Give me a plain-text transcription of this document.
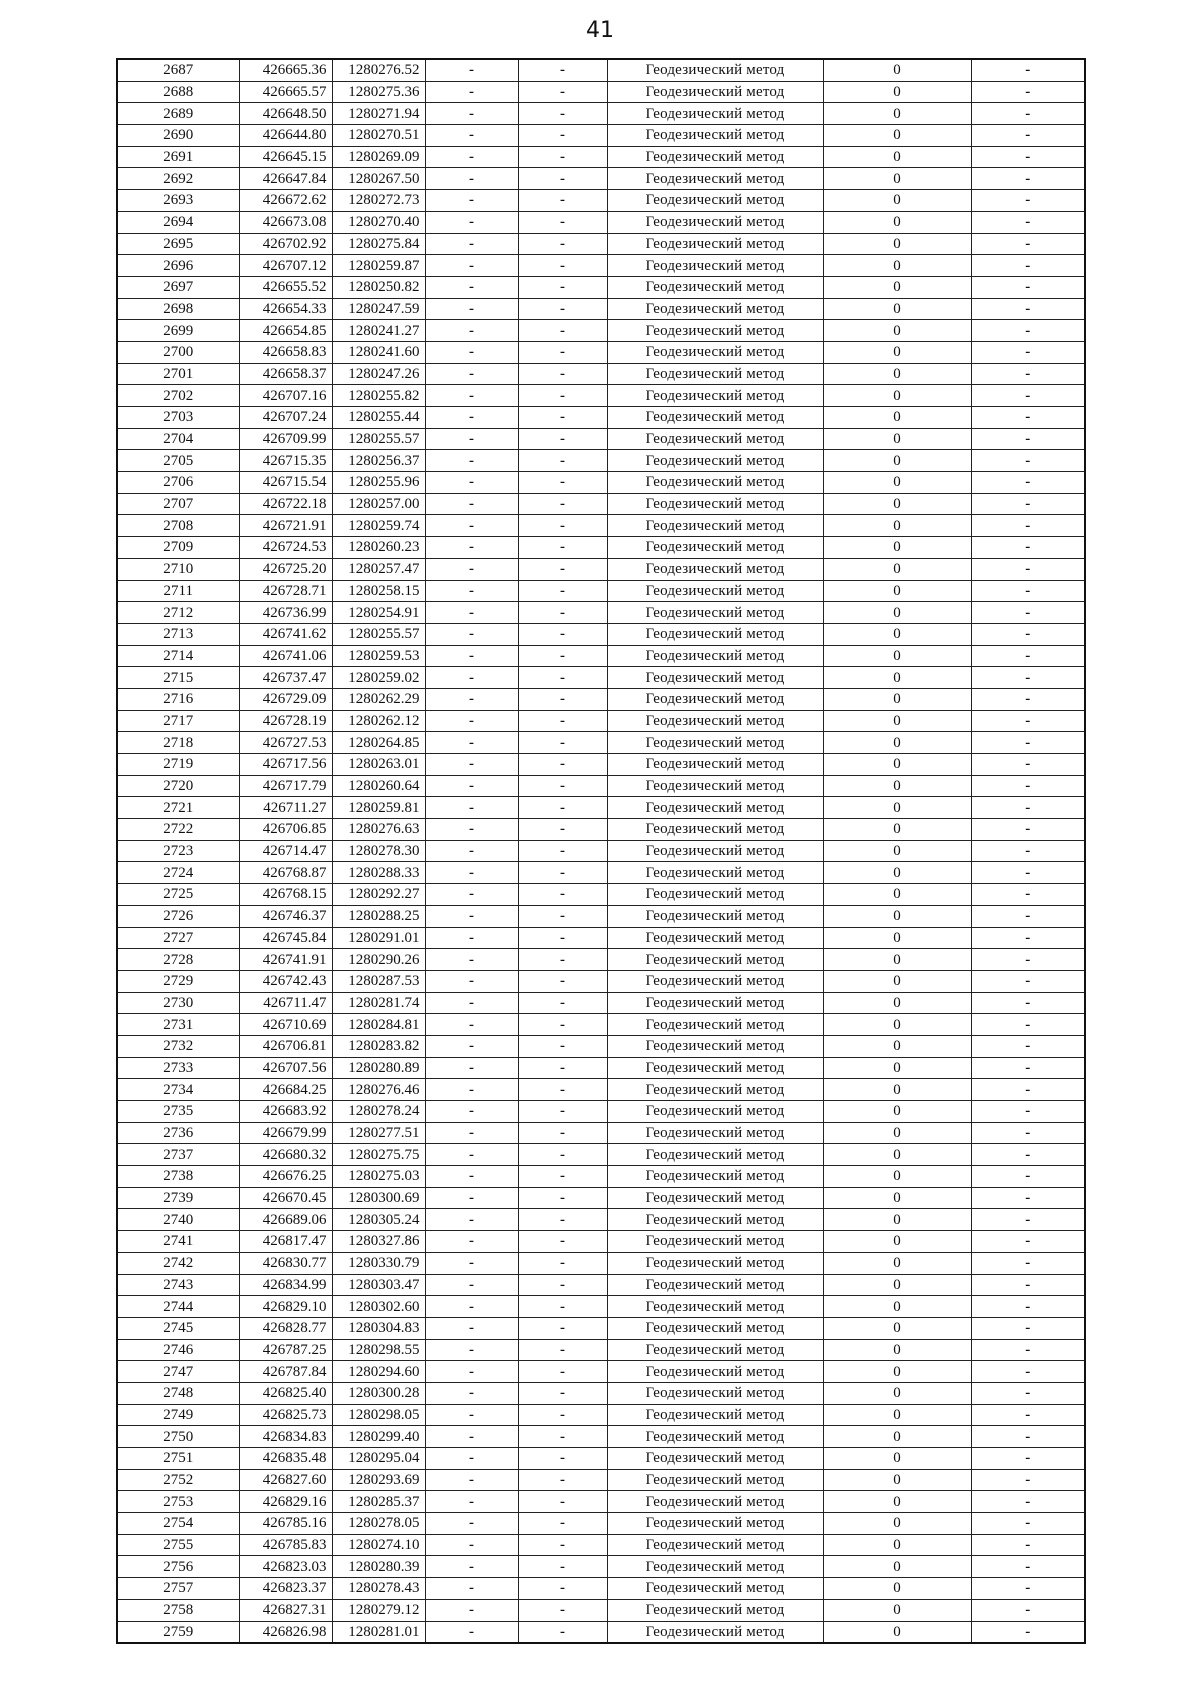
41
2687	426665.36	1280276.52	-	-	Геодезический метод	0	-
2688	426665.57	1280275.36	-	-	Геодезический метод	0	-
2689	426648.50	1280271.94	-	-	Геодезический метод	0	-
2690	426644.80	1280270.51	-	-	Геодезический метод	0	-
2691	426645.15	1280269.09	-	-	Геодезический метод	0	-
2692	426647.84	1280267.50	-	-	Геодезический метод	0	-
2693	426672.62	1280272.73	-	-	Геодезический метод	0	-
2694	426673.08	1280270.40	-	-	Геодезический метод	0	-
2695	426702.92	1280275.84	-	-	Геодезический метод	0	-
2696	426707.12	1280259.87	-	-	Геодезический метод	0	-
2697	426655.52	1280250.82	-	-	Геодезический метод	0	-
2698	426654.33	1280247.59	-	-	Геодезический метод	0	-
2699	426654.85	1280241.27	-	-	Геодезический метод	0	-
2700	426658.83	1280241.60	-	-	Геодезический метод	0	-
2701	426658.37	1280247.26	-	-	Геодезический метод	0	-
2702	426707.16	1280255.82	-	-	Геодезический метод	0	-
2703	426707.24	1280255.44	-	-	Геодезический метод	0	-
2704	426709.99	1280255.57	-	-	Геодезический метод	0	-
2705	426715.35	1280256.37	-	-	Геодезический метод	0	-
2706	426715.54	1280255.96	-	-	Геодезический метод	0	-
2707	426722.18	1280257.00	-	-	Геодезический метод	0	-
2708	426721.91	1280259.74	-	-	Геодезический метод	0	-
2709	426724.53	1280260.23	-	-	Геодезический метод	0	-
2710	426725.20	1280257.47	-	-	Геодезический метод	0	-
2711	426728.71	1280258.15	-	-	Геодезический метод	0	-
2712	426736.99	1280254.91	-	-	Геодезический метод	0	-
2713	426741.62	1280255.57	-	-	Геодезический метод	0	-
2714	426741.06	1280259.53	-	-	Геодезический метод	0	-
2715	426737.47	1280259.02	-	-	Геодезический метод	0	-
2716	426729.09	1280262.29	-	-	Геодезический метод	0	-
2717	426728.19	1280262.12	-	-	Геодезический метод	0	-
2718	426727.53	1280264.85	-	-	Геодезический метод	0	-
2719	426717.56	1280263.01	-	-	Геодезический метод	0	-
2720	426717.79	1280260.64	-	-	Геодезический метод	0	-
2721	426711.27	1280259.81	-	-	Геодезический метод	0	-
2722	426706.85	1280276.63	-	-	Геодезический метод	0	-
2723	426714.47	1280278.30	-	-	Геодезический метод	0	-
2724	426768.87	1280288.33	-	-	Геодезический метод	0	-
2725	426768.15	1280292.27	-	-	Геодезический метод	0	-
2726	426746.37	1280288.25	-	-	Геодезический метод	0	-
2727	426745.84	1280291.01	-	-	Геодезический метод	0	-
2728	426741.91	1280290.26	-	-	Геодезический метод	0	-
2729	426742.43	1280287.53	-	-	Геодезический метод	0	-
2730	426711.47	1280281.74	-	-	Геодезический метод	0	-
2731	426710.69	1280284.81	-	-	Геодезический метод	0	-
2732	426706.81	1280283.82	-	-	Геодезический метод	0	-
2733	426707.56	1280280.89	-	-	Геодезический метод	0	-
2734	426684.25	1280276.46	-	-	Геодезический метод	0	-
2735	426683.92	1280278.24	-	-	Геодезический метод	0	-
2736	426679.99	1280277.51	-	-	Геодезический метод	0	-
2737	426680.32	1280275.75	-	-	Геодезический метод	0	-
2738	426676.25	1280275.03	-	-	Геодезический метод	0	-
2739	426670.45	1280300.69	-	-	Геодезический метод	0	-
2740	426689.06	1280305.24	-	-	Геодезический метод	0	-
2741	426817.47	1280327.86	-	-	Геодезический метод	0	-
2742	426830.77	1280330.79	-	-	Геодезический метод	0	-
2743	426834.99	1280303.47	-	-	Геодезический метод	0	-
2744	426829.10	1280302.60	-	-	Геодезический метод	0	-
2745	426828.77	1280304.83	-	-	Геодезический метод	0	-
2746	426787.25	1280298.55	-	-	Геодезический метод	0	-
2747	426787.84	1280294.60	-	-	Геодезический метод	0	-
2748	426825.40	1280300.28	-	-	Геодезический метод	0	-
2749	426825.73	1280298.05	-	-	Геодезический метод	0	-
2750	426834.83	1280299.40	-	-	Геодезический метод	0	-
2751	426835.48	1280295.04	-	-	Геодезический метод	0	-
2752	426827.60	1280293.69	-	-	Геодезический метод	0	-
2753	426829.16	1280285.37	-	-	Геодезический метод	0	-
2754	426785.16	1280278.05	-	-	Геодезический метод	0	-
2755	426785.83	1280274.10	-	-	Геодезический метод	0	-
2756	426823.03	1280280.39	-	-	Геодезический метод	0	-
2757	426823.37	1280278.43	-	-	Геодезический метод	0	-
2758	426827.31	1280279.12	-	-	Геодезический метод	0	-
2759	426826.98	1280281.01	-	-	Геодезический метод	0	-
